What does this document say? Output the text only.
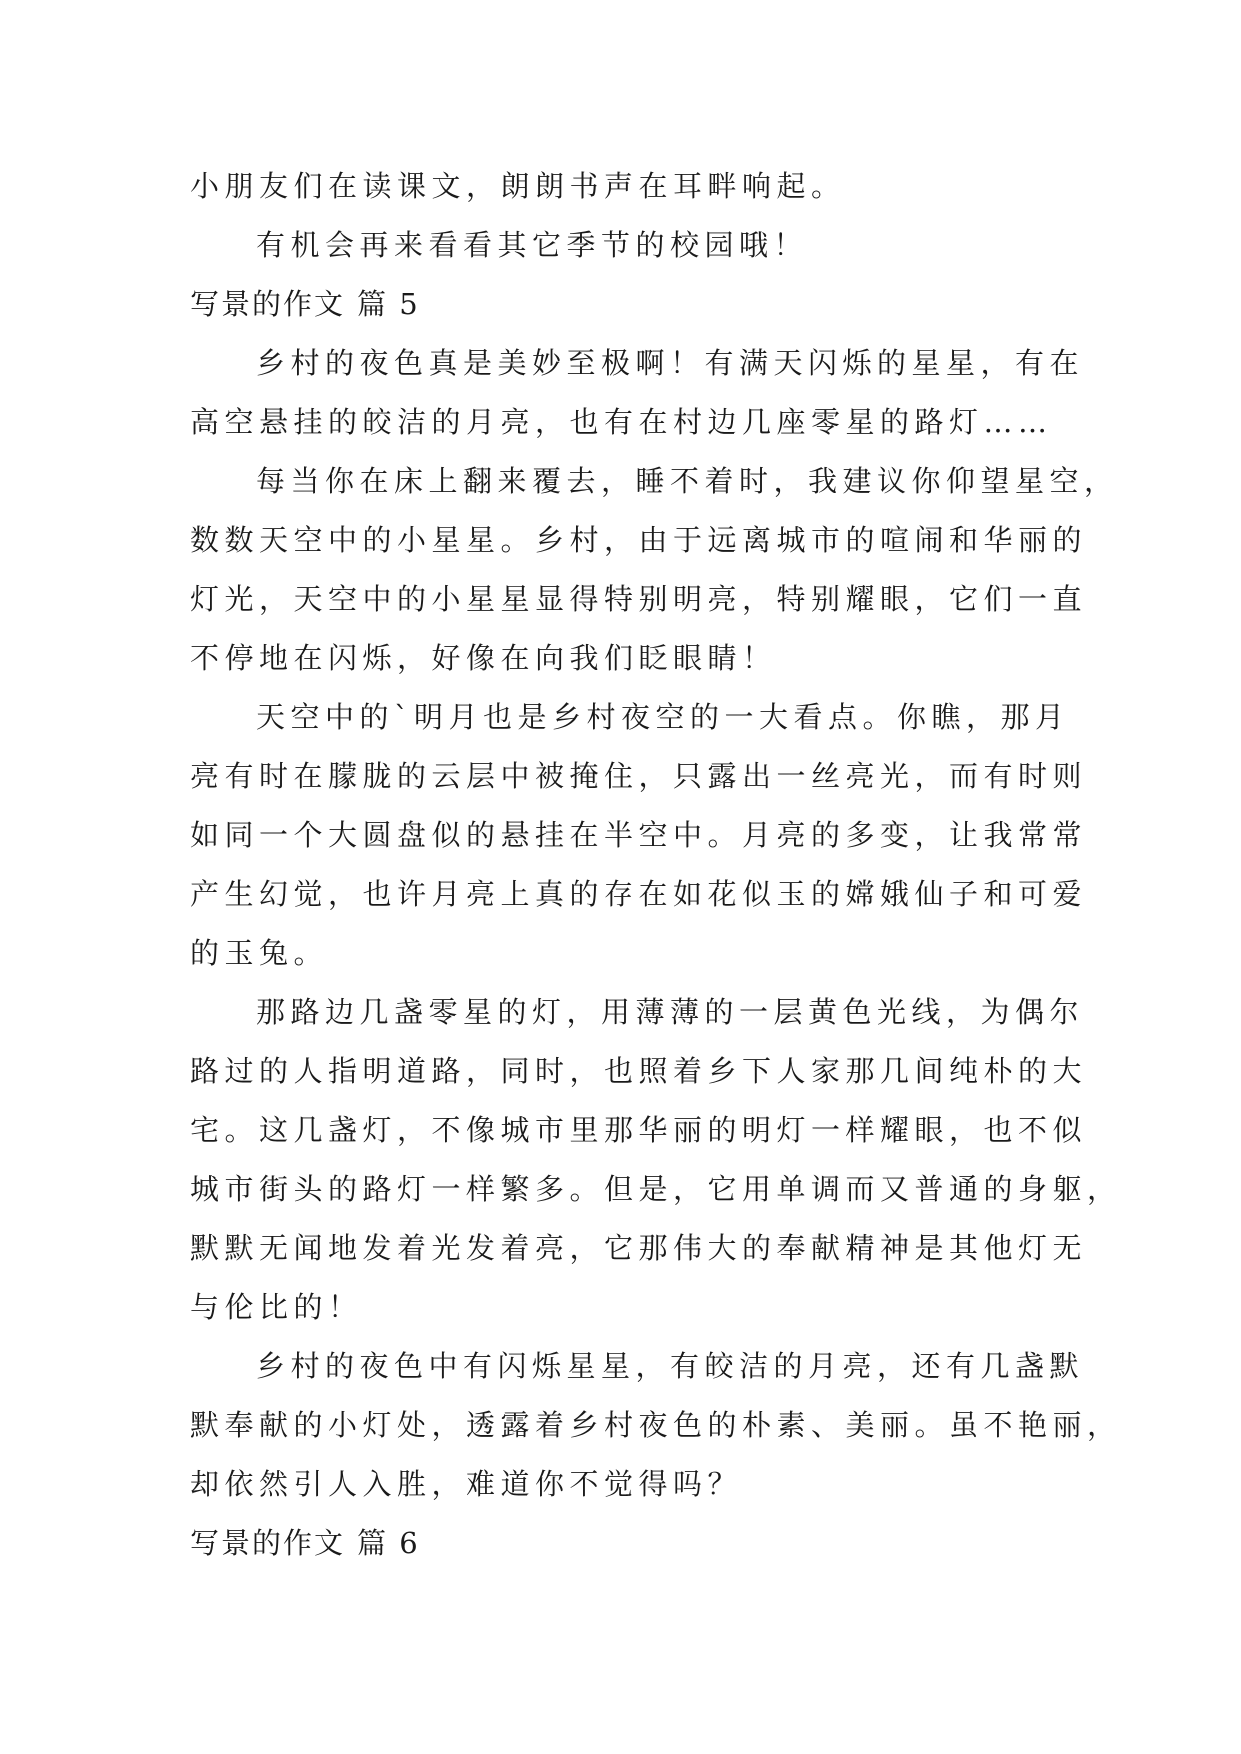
小朋友们在读课文，朗朗书声在耳畔响起。
有机会再来看看其它季节的校园哦！
写景的作文 篇 5
乡村的夜色真是美妙至极啊！有满天闪烁的星星，有在
高空悬挂的皎洁的月亮，也有在村边几座零星的路灯……
每当你在床上翻来覆去，睡不着时，我建议你仰望星空，
数数天空中的小星星。乡村，由于远离城市的喧闹和华丽的
灯光，天空中的小星星显得特别明亮，特别耀眼，它们一直
不停地在闪烁，好像在向我们眨眼睛！
天空中的`明月也是乡村夜空的一大看点。你瞧，那月
亮有时在朦胧的云层中被掩住，只露出一丝亮光，而有时则
如同一个大圆盘似的悬挂在半空中。月亮的多变，让我常常
产生幻觉，也许月亮上真的存在如花似玉的嫦娥仙子和可爱
的玉兔。
那路边几盏零星的灯，用薄薄的一层黄色光线，为偶尔
路过的人指明道路，同时，也照着乡下人家那几间纯朴的大
宅。这几盏灯，不像城市里那华丽的明灯一样耀眼，也不似
城市街头的路灯一样繁多。但是，它用单调而又普通的身躯，
默默无闻地发着光发着亮，它那伟大的奉献精神是其他灯无
与伦比的！
乡村的夜色中有闪烁星星，有皎洁的月亮，还有几盏默
默奉献的小灯处，透露着乡村夜色的朴素、美丽。虽不艳丽，
却依然引人入胜，难道你不觉得吗？
写景的作文 篇 6
